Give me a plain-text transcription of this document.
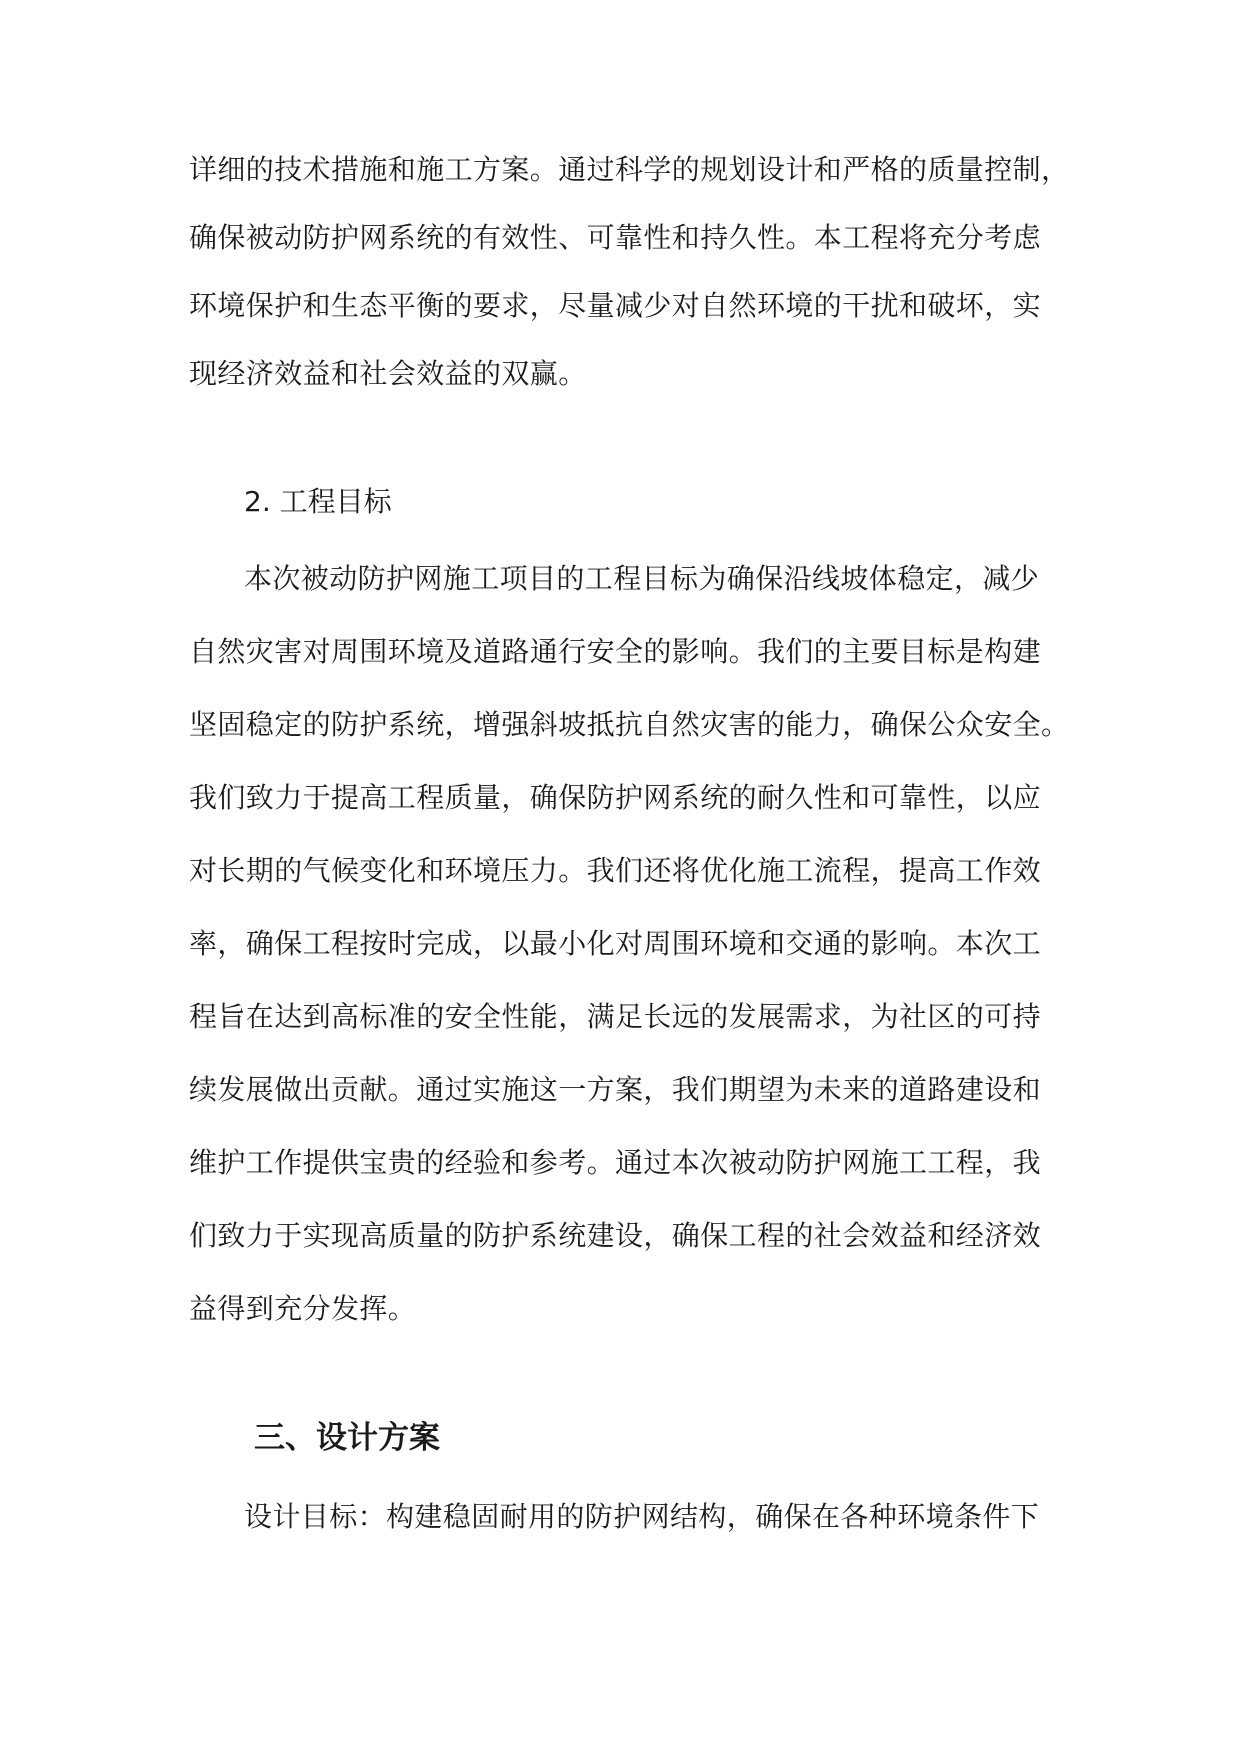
详细的技术措施和施工方案。通过科学的规划设计和严格的质量控制，
确保被动防护网系统的有效性、可靠性和持久性。本工程将充分考虑
环境保护和生态平衡的要求，尽量减少对自然环境的干扰和破坏，实
现经济效益和社会效益的双赢。
2. 工程目标
本次被动防护网施工项目的工程目标为确保沿线坡体稳定，减少
自然灾害对周围环境及道路通行安全的影响。我们的主要目标是构建
坚固稳定的防护系统，增强斜坡抵抗自然灾害的能力，确保公众安全。
我们致力于提高工程质量，确保防护网系统的耐久性和可靠性，以应
对长期的气候变化和环境压力。我们还将优化施工流程，提高工作效
率，确保工程按时完成，以最小化对周围环境和交通的影响。本次工
程旨在达到高标准的安全性能，满足长远的发展需求，为社区的可持
续发展做出贡献。通过实施这一方案，我们期望为未来的道路建设和
维护工作提供宝贵的经验和参考。通过本次被动防护网施工工程，我
们致力于实现高质量的防护系统建设，确保工程的社会效益和经济效
益得到充分发挥。
三、设计方案
设计目标：构建稳固耐用的防护网结构，确保在各种环境条件下
